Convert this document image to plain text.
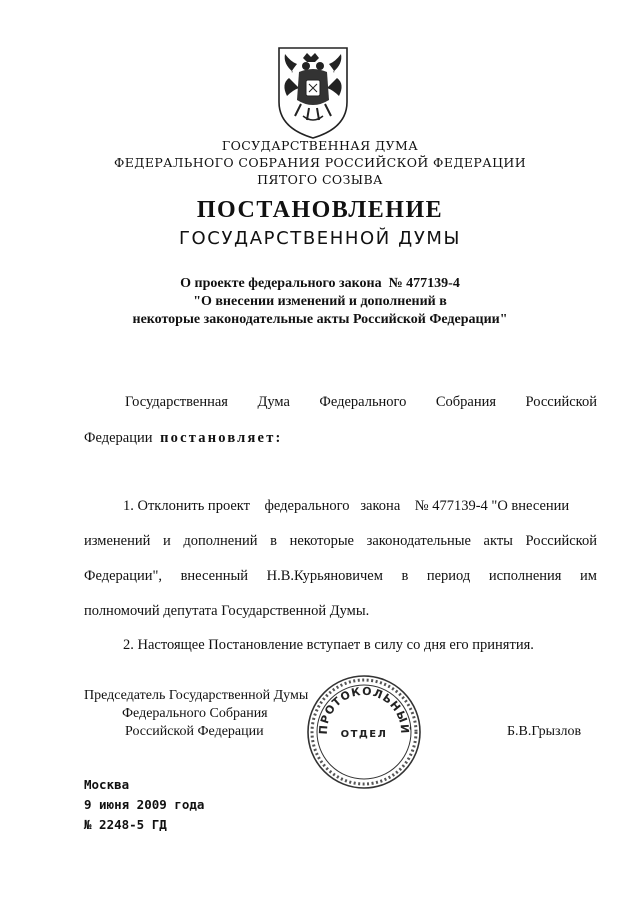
ГОСУДАРСТВЕННАЯ ДУМА
ФЕДЕРАЛЬНОГО СОБРАНИЯ РОССИЙСКОЙ ФЕДЕРАЦИИ
ПЯТОГО СОЗЫВА
ПОСТАНОВЛЕНИЕ
ГОСУДАРСТВЕННОЙ ДУМЫ
О проекте федерального закона  № 477139-4
"О внесении изменений и дополнений в
некоторые законодательные акты Российской Федерации"
Государственная Дума Федерального Собрания Российской
Федерации постановляет:
1. Отклонить проект    федерального   закона    № 477139-4 "О внесении
изменений и дополнений в некоторые законодательные акты Российской
Федерации", внесенный Н.В.Курьяновичем в период исполнения им
полномочий депутата Государственной Думы.
2. Настоящее Постановление вступает в силу со дня его принятия.
Председатель Государственной Думы
Федерального Собрания
Российской Федерации	Б.В.Грызлов
ПРОТОКОЛЬНЫЙ
ОТДЕЛ
Москва
9 июня 2009 года
№ 2248-5 ГД
